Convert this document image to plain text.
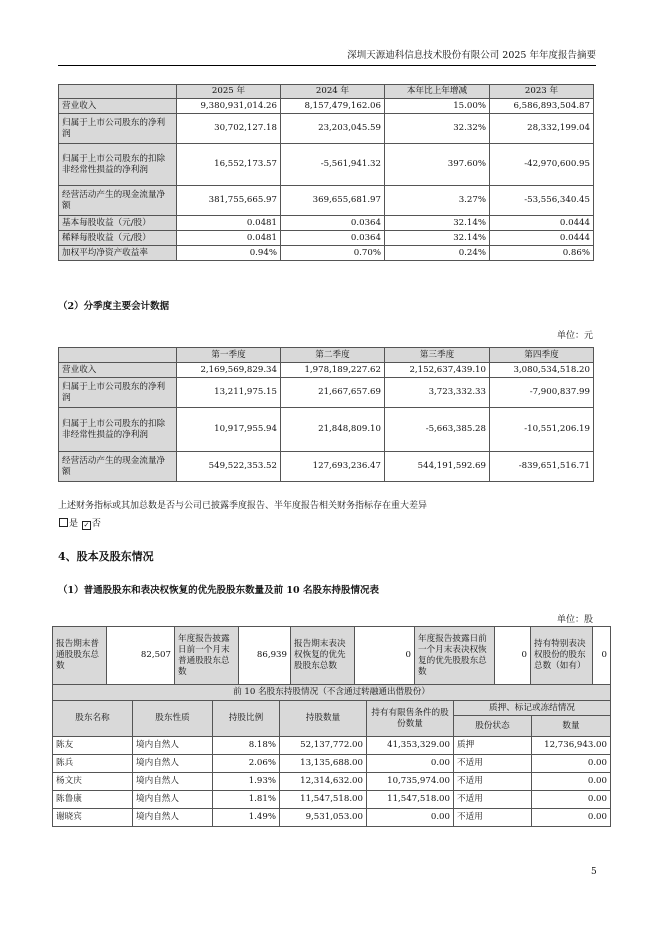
深圳天源迪科信息技术股份有限公司 2025 年年度报告摘要
	2025 年	2024 年	本年比上年增减	2023 年
营业收入	9,380,931,014.26	8,157,479,162.06	15.00%	6,586,893,504.87
归属于上市公司股东的净利润	30,702,127.18	23,203,045.59	32.32%	28,332,199.04
归属于上市公司股东的扣除非经常性损益的净利润	16,552,173.57	-5,561,941.32	397.60%	-42,970,600.95
经营活动产生的现金流量净额	381,755,665.97	369,655,681.97	3.27%	-53,556,340.45
基本每股收益（元/股）	0.0481	0.0364	32.14%	0.0444
稀释每股收益（元/股）	0.0481	0.0364	32.14%	0.0444
加权平均净资产收益率	0.94%	0.70%	0.24%	0.86%
（2）分季度主要会计数据
单位：元
	第一季度	第二季度	第三季度	第四季度
营业收入	2,169,569,829.34	1,978,189,227.62	2,152,637,439.10	3,080,534,518.20
归属于上市公司股东的净利润	13,211,975.15	21,667,657.69	3,723,332.33	-7,900,837.99
归属于上市公司股东的扣除非经常性损益的净利润	10,917,955.94	21,848,809.10	-5,663,385.28	-10,551,206.19
经营活动产生的现金流量净额	549,522,353.52	127,693,236.47	544,191,592.69	-839,651,516.71
上述财务指标或其加总数是否与公司已披露季度报告、半年度报告相关财务指标存在重大差异
是 ✓ 否
4、股本及股东情况
（1）普通股股东和表决权恢复的优先股股东数量及前 10 名股东持股情况表
单位：股
报告期末普通股股东总数	82,507	年度报告披露日前一个月末普通股股东总数	86,939	报告期末表决权恢复的优先股股东总数	0	年度报告披露日前一个月末表决权恢复的优先股股东总数	0	持有特别表决权股份的股东总数（如有）	0
前 10 名股东持股情况（不含通过转融通出借股份）						
股东名称	股东性质	持股比例	持股数量	持有有限售条件的股份数量	质押、标记或冻结情况	
					股份状态	数量
陈友	境内自然人	8.18%	52,137,772.00	41,353,329.00	质押	12,736,943.00
陈兵	境内自然人	2.06%	13,135,688.00	0.00	不适用	0.00
杨文庆	境内自然人	1.93%	12,314,632.00	10,735,974.00	不适用	0.00
陈鲁康	境内自然人	1.81%	11,547,518.00	11,547,518.00	不适用	0.00
谢晓宾	境内自然人	1.49%	9,531,053.00	0.00	不适用	0.00
5
